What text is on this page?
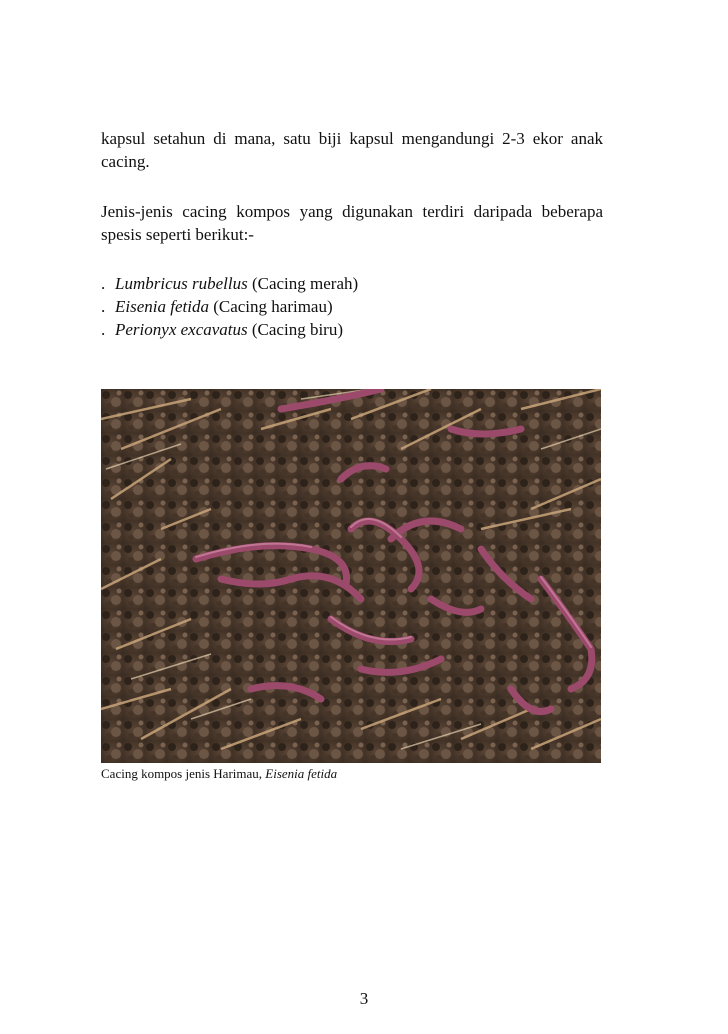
kapsul setahun di mana, satu biji kapsul mengandungi 2-3 ekor anak cacing.

Jenis-jenis cacing kompos yang digunakan terdiri daripada beberapa spesis seperti berikut:-

. Lumbricus rubellus (Cacing merah)
. Eisenia fetida (Cacing harimau)
. Perionyx excavatus (Cacing biru)
Cacing kompos jenis Harimau, Eisenia fetida
3
